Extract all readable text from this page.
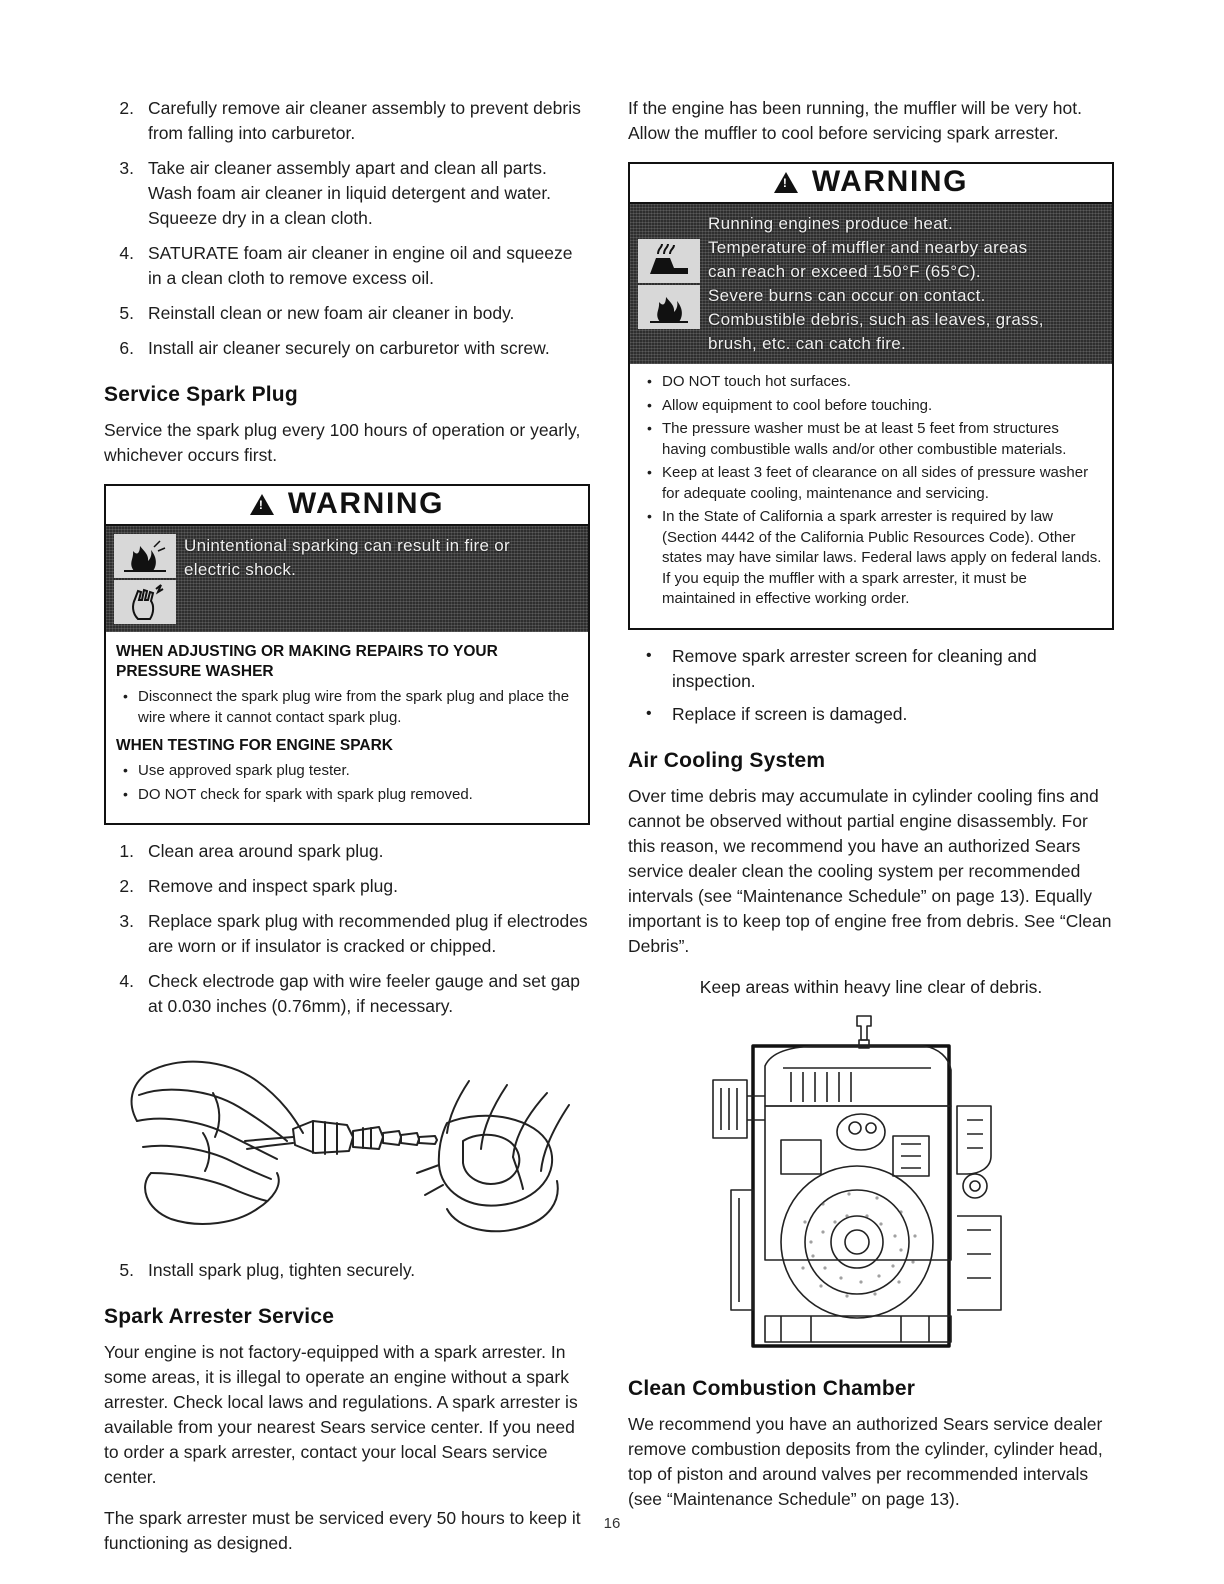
2. Carefully remove air cleaner assembly to prevent debris from falling into carburetor.
3. Take air cleaner assembly apart and clean all parts. Wash foam air cleaner in liquid detergent and water. Squeeze dry in a clean cloth.
4. SATURATE foam air cleaner in engine oil and squeeze in a clean cloth to remove excess oil.
5. Reinstall clean or new foam air cleaner in body.
6. Install air cleaner securely on carburetor with screw.
Service Spark Plug

Service the spark plug every 100 hours of operation or yearly, whichever occurs first.

!
WARNING
Unintentional sparking can result in fire or
electric shock.
WHEN ADJUSTING OR MAKING REPAIRS TO YOUR PRESSURE WASHER
• Disconnect the spark plug wire from the spark plug and place the wire where it cannot contact spark plug.
WHEN TESTING FOR ENGINE SPARK
• Use approved spark plug tester.
• DO NOT check for spark with spark plug removed.
1. Clean area around spark plug.
2. Remove and inspect spark plug.
3. Replace spark plug with recommended plug if electrodes are worn or if insulator is cracked or chipped.
4. Check electrode gap with wire feeler gauge and set gap at 0.030 inches (0.76mm), if necessary.
5. Install spark plug, tighten securely.
Spark Arrester Service

Your engine is not factory-equipped with a spark arrester. In some areas, it is illegal to operate an engine without a spark arrester. Check local laws and regulations. A spark arrester is available from your nearest Sears service center. If you need to order a spark arrester, contact your local Sears service center.

The spark arrester must be serviced every 50 hours to keep it functioning as designed.

If the engine has been running, the muffler will be very hot. Allow the muffler to cool before servicing spark arrester.

!
WARNING
Running engines produce heat.
Temperature of muffler and nearby areas
can reach or exceed 150°F (65°C).
Severe burns can occur on contact.
Combustible debris, such as leaves, grass,
brush, etc. can catch fire.
• DO NOT touch hot surfaces.
• Allow equipment to cool before touching.
• The pressure washer must be at least 5 feet from structures having combustible walls and/or other combustible materials.
• Keep at least 3 feet of clearance on all sides of pressure washer for adequate cooling, maintenance and servicing.
• In the State of California a spark arrester is required by law (Section 4442 of the California Public Resources Code). Other states may have similar laws. Federal laws apply on federal lands. If you equip the muffler with a spark arrester, it must be maintained in effective working order.
• Remove spark arrester screen for cleaning and inspection.
• Replace if screen is damaged.
Air Cooling System

Over time debris may accumulate in cylinder cooling fins and cannot be observed without partial engine disassembly. For this reason, we recommend you have an authorized Sears service dealer clean the cooling system per recommended intervals (see “Maintenance Schedule” on page 13). Equally important is to keep top of engine free from debris. See “Clean Debris”.

Keep areas within heavy line clear of debris.

Clean Combustion Chamber

We recommend you have an authorized Sears service dealer remove combustion deposits from the cylinder, cylinder head, top of piston and around valves per recommended intervals (see “Maintenance Schedule” on page 13).

16
